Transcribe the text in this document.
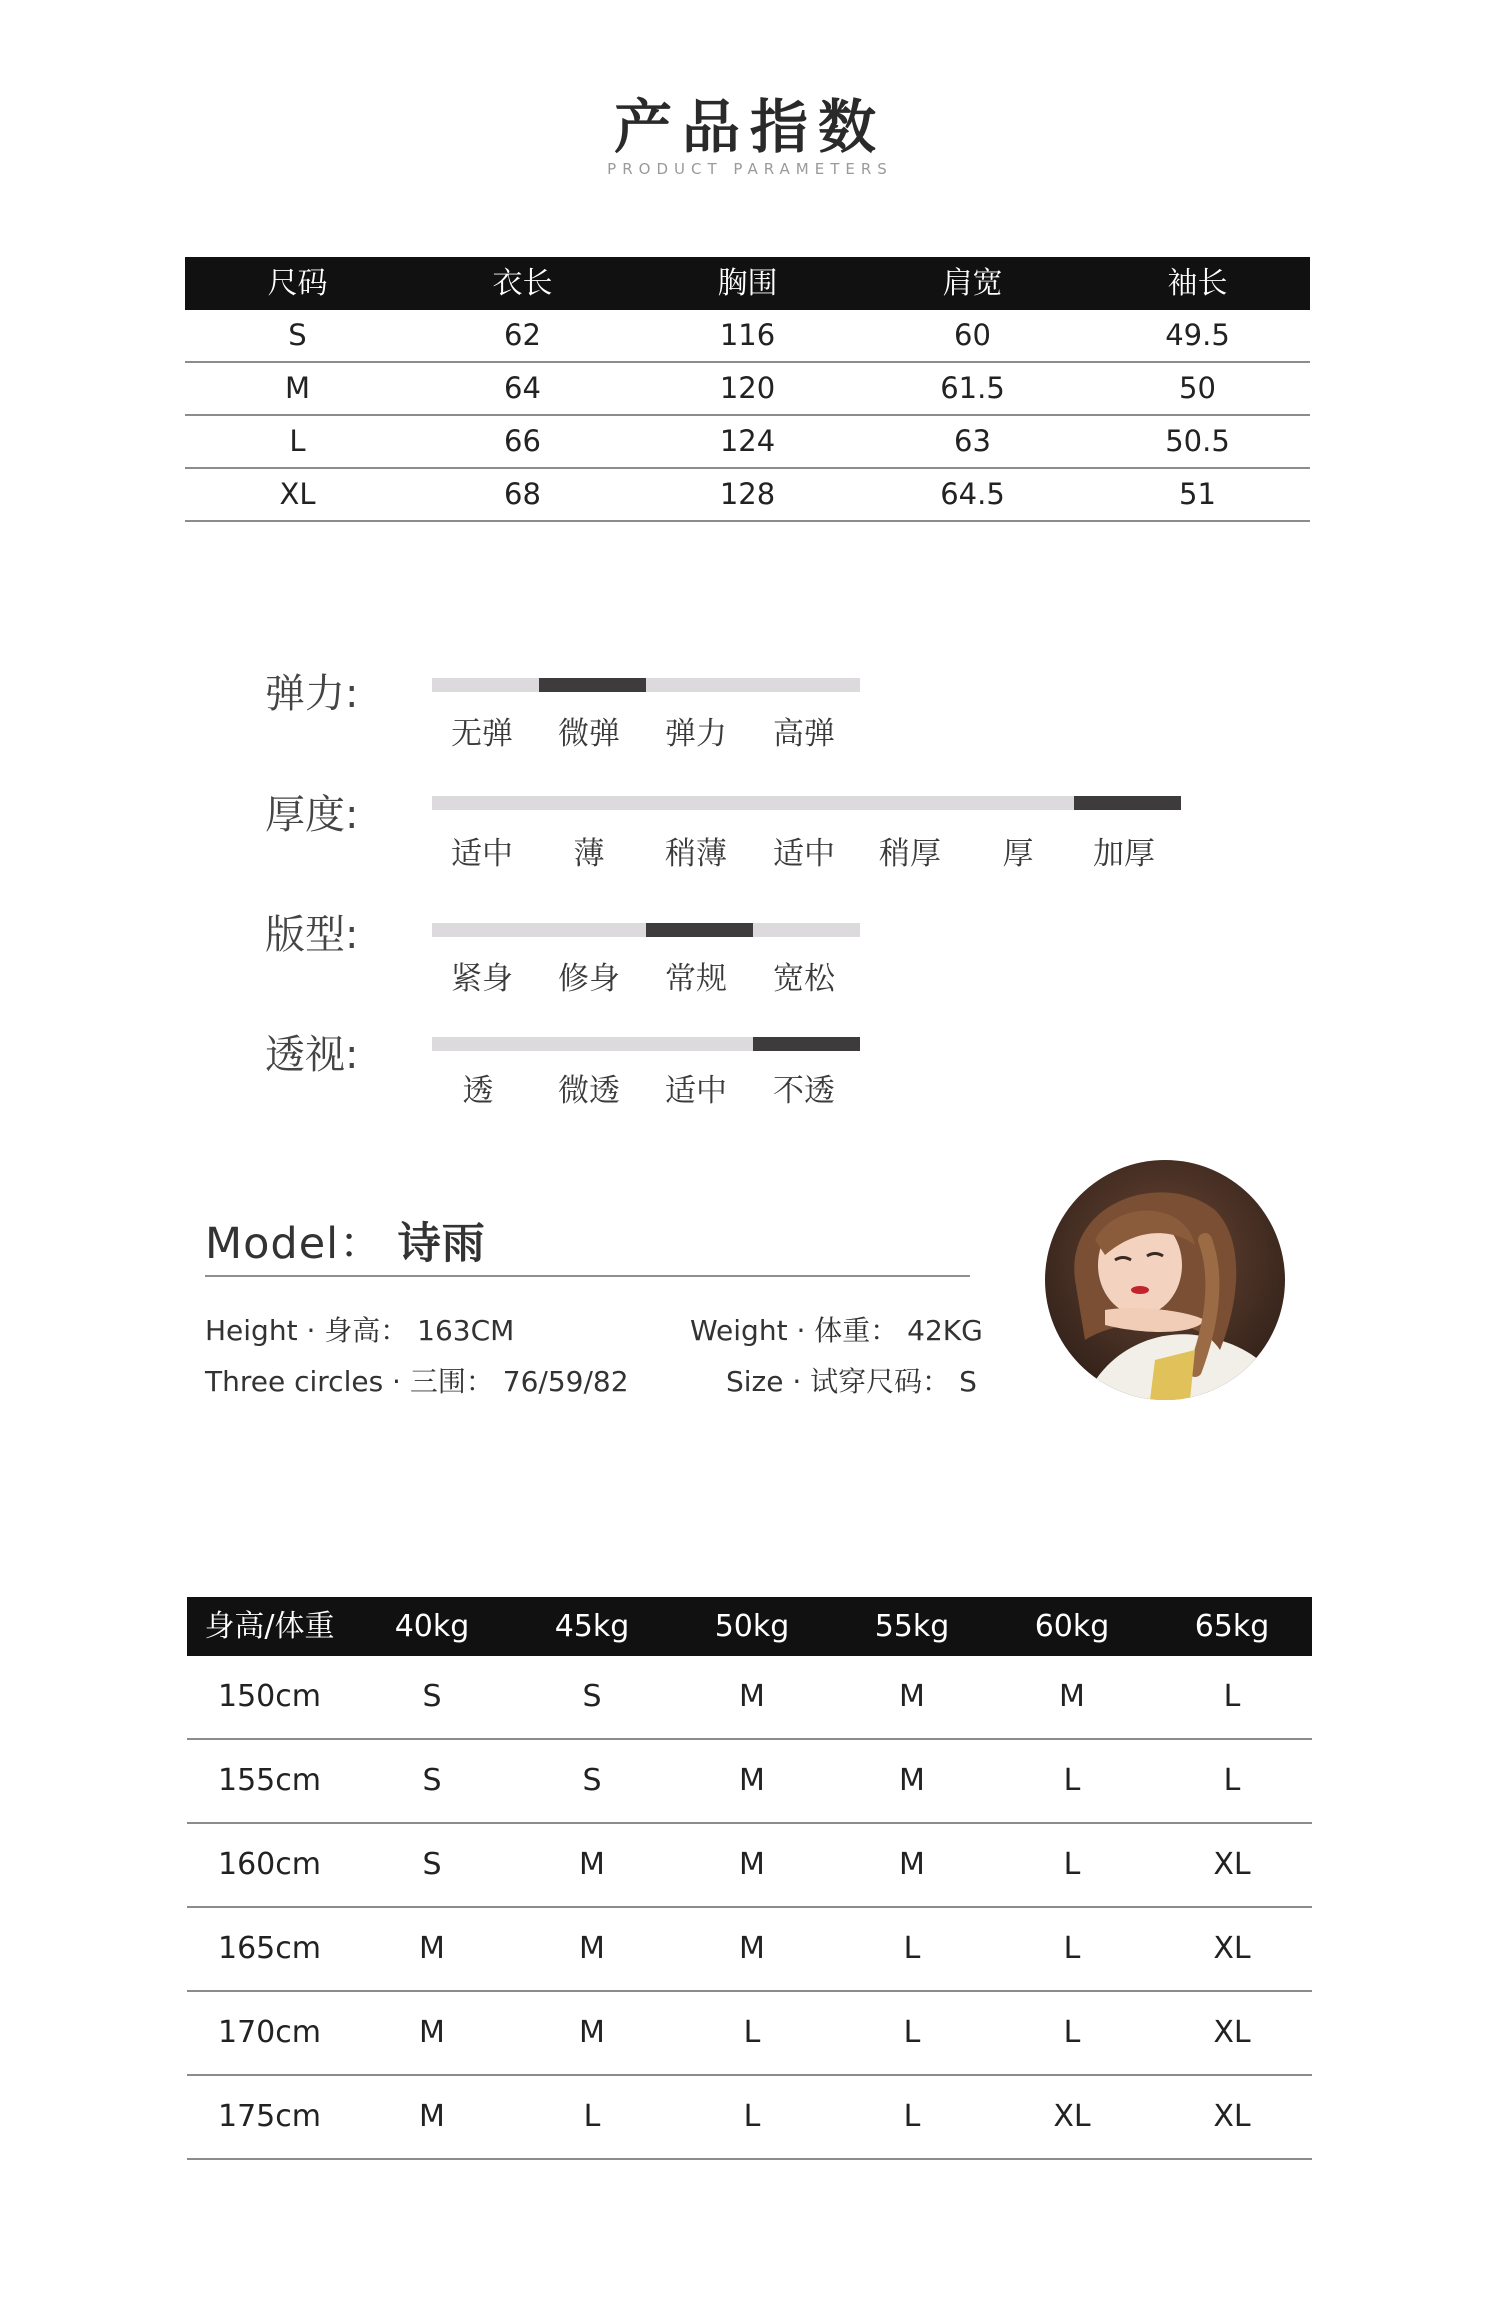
产品指数
PRODUCT PARAMETERS
尺码	衣长	胸围	肩宽	袖长
S	62	116	60	49.5
M	64	120	61.5	50
L	66	124	63	50.5
XL	68	128	64.5	51
弹力:
无弹	微弹	弹力	高弹
厚度:
适中	薄	稍薄	适中	稍厚	厚	加厚
版型:
紧身	修身	常规	宽松
透视:
透	微透	适中	不透
Model： 诗雨
Height · 身高： 163CM	Weight · 体重： 42KG
Three circles · 三围： 76/59/82	Size · 试穿尺码： S
身高/体重	40kg	45kg	50kg	55kg	60kg	65kg
150cm	S	S	M	M	M	L
155cm	S	S	M	M	L	L
160cm	S	M	M	M	L	XL
165cm	M	M	M	L	L	XL
170cm	M	M	L	L	L	XL
175cm	M	L	L	L	XL	XL
